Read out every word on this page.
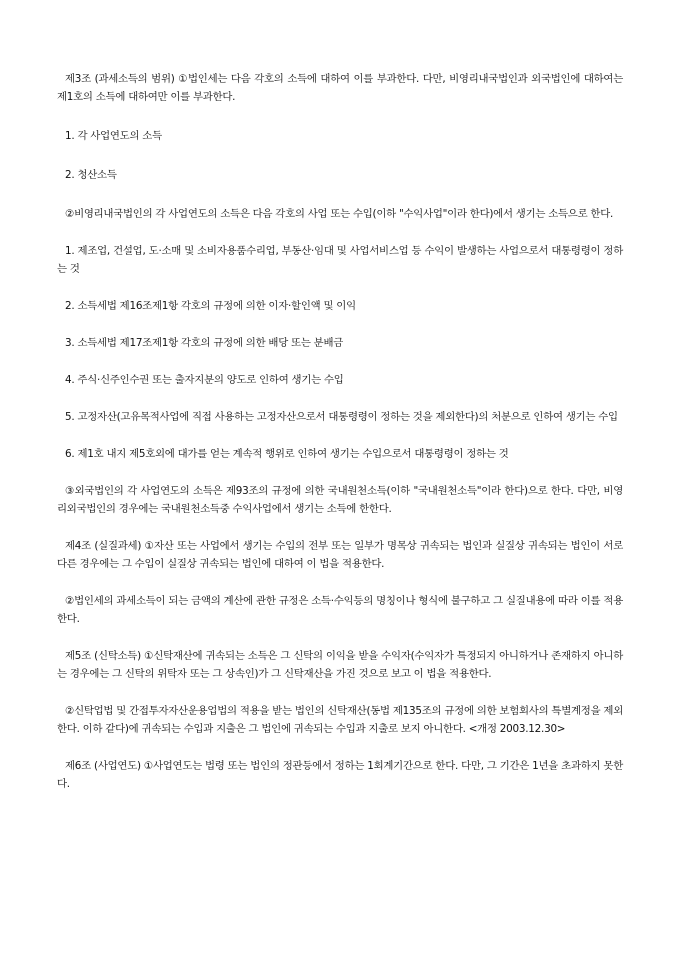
제3조 (과세소득의 범위) ①법인세는 다음 각호의 소득에 대하여 이를 부과한다. 다만, 비영리내국법인과 외국법인에 대하여는 제1호의 소득에 대하여만 이를 부과한다.

1. 각 사업연도의 소득

2. 청산소득

②비영리내국법인의 각 사업연도의 소득은 다음 각호의 사업 또는 수입(이하 "수익사업"이라 한다)에서 생기는 소득으로 한다.

1. 제조업, 건설업, 도·소매 및 소비자용품수리업, 부동산·임대 및 사업서비스업 등 수익이 발생하는 사업으로서 대통령령이 정하는 것

2. 소득세법 제16조제1항 각호의 규정에 의한 이자·할인액 및 이익

3. 소득세법 제17조제1항 각호의 규정에 의한 배당 또는 분배금

4. 주식·신주인수권 또는 출자지분의 양도로 인하여 생기는 수입

5. 고정자산(고유목적사업에 직접 사용하는 고정자산으로서 대통령령이 정하는 것을 제외한다)의 처분으로 인하여 생기는 수입

6. 제1호 내지 제5호외에 대가를 얻는 계속적 행위로 인하여 생기는 수입으로서 대통령령이 정하는 것

③외국법인의 각 사업연도의 소득은 제93조의 규정에 의한 국내원천소득(이하 "국내원천소득"이라 한다)으로 한다. 다만, 비영리외국법인의 경우에는 국내원천소득중 수익사업에서 생기는 소득에 한한다.

제4조 (실질과세) ①자산 또는 사업에서 생기는 수입의 전부 또는 일부가 명목상 귀속되는 법인과 실질상 귀속되는 법인이 서로 다른 경우에는 그 수입이 실질상 귀속되는 법인에 대하여 이 법을 적용한다.

②법인세의 과세소득이 되는 금액의 계산에 관한 규정은 소득·수익등의 명칭이나 형식에 불구하고 그 실질내용에 따라 이를 적용한다.

제5조 (신탁소득) ①신탁재산에 귀속되는 소득은 그 신탁의 이익을 받을 수익자(수익자가 특정되지 아니하거나 존재하지 아니하는 경우에는 그 신탁의 위탁자 또는 그 상속인)가 그 신탁재산을 가진 것으로 보고 이 법을 적용한다.

②신탁업법 및 간접투자자산운용업법의 적용을 받는 법인의 신탁재산(동법 제135조의 규정에 의한 보험회사의 특별계정을 제외한다. 이하 같다)에 귀속되는 수입과 지출은 그 법인에 귀속되는 수입과 지출로 보지 아니한다. <개정 2003.12.30>

제6조 (사업연도) ①사업연도는 법령 또는 법인의 정관등에서 정하는 1회계기간으로 한다. 다만, 그 기간은 1년을 초과하지 못한다.
